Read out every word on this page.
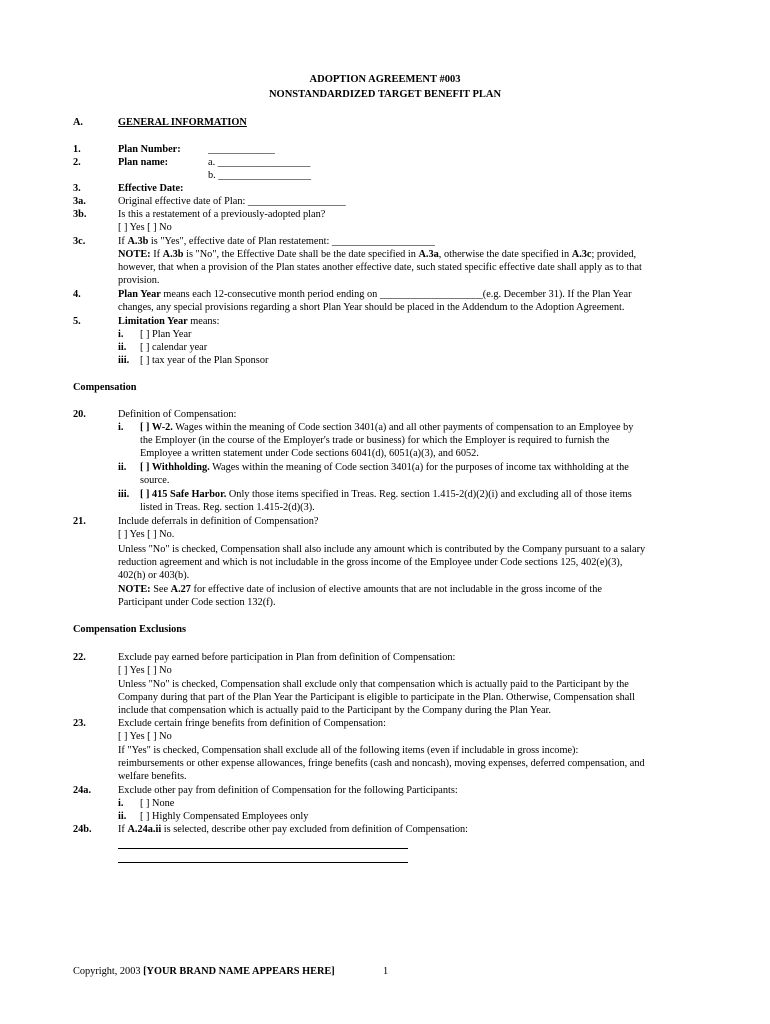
ADOPTION AGREEMENT #003
NONSTANDARDIZED TARGET BENEFIT PLAN
A.	GENERAL INFORMATION
1.	Plan Number:	_____________
2.	Plan name:	a. __________________
b. __________________
3.	Effective Date:
3a.	Original effective date of Plan: ___________________
3b.	Is this a restatement of a previously-adopted plan?
[ ] Yes [ ] No
3c.	If A.3b is "Yes", effective date of Plan restatement: ____________________
NOTE: If A.3b is "No", the Effective Date shall be the date specified in A.3a, otherwise the date specified in A.3c; provided,
however, that when a provision of the Plan states another effective date, such stated specific effective date shall apply as to that
provision.
4.	Plan Year means each 12-consecutive month period ending on ____________________(e.g. December 31). If the Plan Year
changes, any special provisions regarding a short Plan Year should be placed in the Addendum to the Adoption Agreement.
5.	Limitation Year means:
i. [ ] Plan Year
ii. [ ] calendar year
iii. [ ] tax year of the Plan Sponsor
Compensation
20.	Definition of Compensation:
i. [ ] W-2. Wages within the meaning of Code section 3401(a) and all other payments of compensation to an Employee by
the Employer (in the course of the Employer's trade or business) for which the Employer is required to furnish the
Employee a written statement under Code sections 6041(d), 6051(a)(3), and 6052.
ii. [ ] Withholding. Wages within the meaning of Code section 3401(a) for the purposes of income tax withholding at the
source.
iii. [ ] 415 Safe Harbor. Only those items specified in Treas. Reg. section 1.415-2(d)(2)(i) and excluding all of those items
listed in Treas. Reg. section 1.415-2(d)(3).
21.	Include deferrals in definition of Compensation?
[ ] Yes [ ] No.
Unless "No" is checked, Compensation shall also include any amount which is contributed by the Company pursuant to a salary
reduction agreement and which is not includable in the gross income of the Employee under Code sections 125, 402(e)(3),
402(h) or 403(b).
NOTE: See A.27 for effective date of inclusion of elective amounts that are not includable in the gross income of the
Participant under Code section 132(f).
Compensation Exclusions
22.	Exclude pay earned before participation in Plan from definition of Compensation:
[ ] Yes [ ] No
Unless "No" is checked, Compensation shall exclude only that compensation which is actually paid to the Participant by the
Company during that part of the Plan Year the Participant is eligible to participate in the Plan. Otherwise, Compensation shall
include that compensation which is actually paid to the Participant by the Company during the Plan Year.
23.	Exclude certain fringe benefits from definition of Compensation:
[ ] Yes [ ] No
If "Yes" is checked, Compensation shall exclude all of the following items (even if includable in gross income):
reimbursements or other expense allowances, fringe benefits (cash and noncash), moving expenses, deferred compensation, and
welfare benefits.
24a.	Exclude other pay from definition of Compensation for the following Participants:
i. [ ] None
ii. [ ] Highly Compensated Employees only
24b.	If A.24a.ii is selected, describe other pay excluded from definition of Compensation:
Copyright, 2003 [YOUR BRAND NAME APPEARS HERE]	1
